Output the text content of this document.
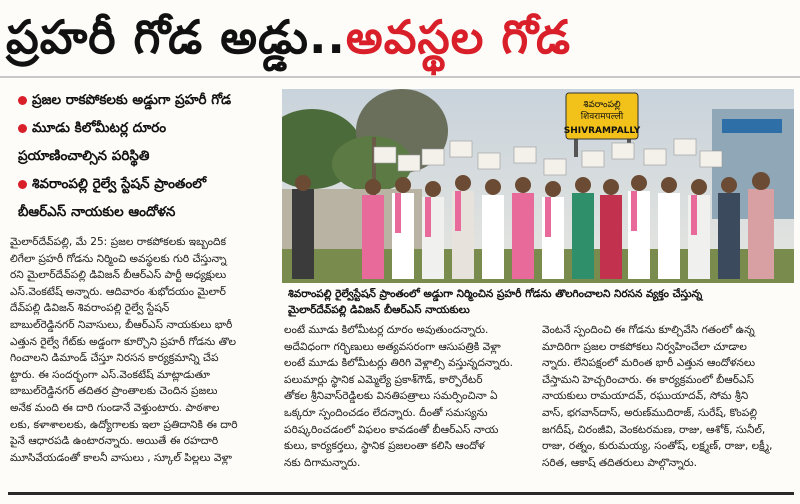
ప్రహరీ గోడ అడ్డు.. అవస్థల గోడ
ప్రజల రాకపోకలకు అడ్డుగా ప్రహరీ గోడ
మూడు కిలోమీటర్ల దూరం
ప్రయాణించాల్సిన పరిస్థితి
శివరాంపల్లి రైల్వే స్టేషన్ ప్రాంతంలో
బీఆర్ఎస్ నాయకుల ఆందోళన
శివరాంపల్లి
शिवरामपल्ली
SHIVRAMPALLY
శివరాంపల్లి రైల్వేస్టేషన్ ప్రాంతంలో అడ్డుగా నిర్మించిన ప్రహరీ గోడను తొలగించాలని నిరసన వ్యక్తం చేస్తున్న
మైలార్‌దేవ్‌పల్లి డివిజన్ బీఆర్ఎస్ నాయకులు
మైలార్‌దేవ్‌పల్లి, మే 25: ప్రజల రాకపోకలకు ఇబ్బందిక
లిగేలా ప్రహరీ గోడను నిర్మించి అవస్థలకు గురి చేస్తున్నా
రని మైలార్‌దేవ్‌పల్లి డివిజన్ బీఆర్ఎస్ పార్టీ అధ్యక్షులు
ఎస్.వెంకటేష్ అన్నారు. ఆదివారం శుభోదయం మైలార్
దేవ్‌పల్లి డివిజన్ శివరాంపల్లి రైల్వే స్టేషన్
బాబుల్‌రెడ్డినగర్ నివాసులు, బీఆర్ఎస్ నాయకులు భారీ
ఎత్తున రైల్వే గేట్‌కు అడ్డంగా కూర్చొని ప్రహరీ గోడను తొల
గించాలని డిమాండ్ చేస్తూ నిరసన కార్యక్రమాన్ని చేప
ట్టారు. ఈ సందర్భంగా ఎస్.వెంకటేష్ మాట్లాడుతూ
బాబుల్‌రెడ్డినగర్ తదితర ప్రాంతాలకు చెందిన ప్రజలు
అనేక మంది ఈ దారి గుండానే వెళ్తుంటారు. పాఠశాల
లకు, కళాశాలలకు, ఉద్యోగాలకు ఇలా ప్రతిదానికి ఈ దారి
పైనే ఆధారపడి ఉంటారన్నారు. అయితే ఈ రహదారి
మూసివేయడంతో కాలనీ వాసులు , స్కూల్ పిల్లలు వెళ్లా
లంటే మూడు కిలోమీటర్ల దూరం అవుతుందన్నారు.
అదేవిధంగా గర్భిణులు అత్యవసరంగా ఆసుపత్రికి వెళ్లా
లంటే మూడు కిలోమీటర్లు తిరిగి వెళ్లాల్సి వస్తున్నదన్నారు.
పలుమార్లు స్థానిక ఎమ్మెల్యే ప్రకాశ్‌గౌడ్, కార్పొరేటర్
తోకల శ్రీనివాస్‌రెడ్డిలకు వినతిపత్రాలు సమర్పించినా ఏ
ఒక్కరూ స్పందించడం లేదన్నారు. దీంతో సమస్యను
పరిష్కరించడంలో విఫలం కావడంతో బీఆర్ఎస్ నాయ
కులు, కార్యకర్తలు, స్థానిక ప్రజలంతా కలిసి ఆందోళ
నకు దిగామన్నారు.
వెంటనే స్పందించి ఈ గోడను కూల్చివేసి గతంలో ఉన్న
మాదిరిగా ప్రజల రాకపోకలు నిర్వహించేలా చూడాల
న్నారు. లేనిపక్షంలో మరింత భారీ ఎత్తున ఆందోళనలు
చేస్తామని హెచ్చరించారు. ఈ కార్యక్రమంలో బీఆర్ఎస్
నాయకులు రామయాదవ్, రఘుయాదవ్, సోమ శ్రీని
వాస్, భగవాన్‌దాస్, అరుణ్‌ముదిరాజ్, సురేష్, కొంపల్లి
జగదీష్, చిరంజీవి, వెంకటరమణ, రాజు, ఆశోక్, సునీల్,
రాజు, రత్నం, కురుమయ్య, సంతోష్, లక్ష్మణ్, రాజు, లక్ష్మీ,
సరిత, ఆకాష్ తదితరులు పాల్గొన్నారు.
